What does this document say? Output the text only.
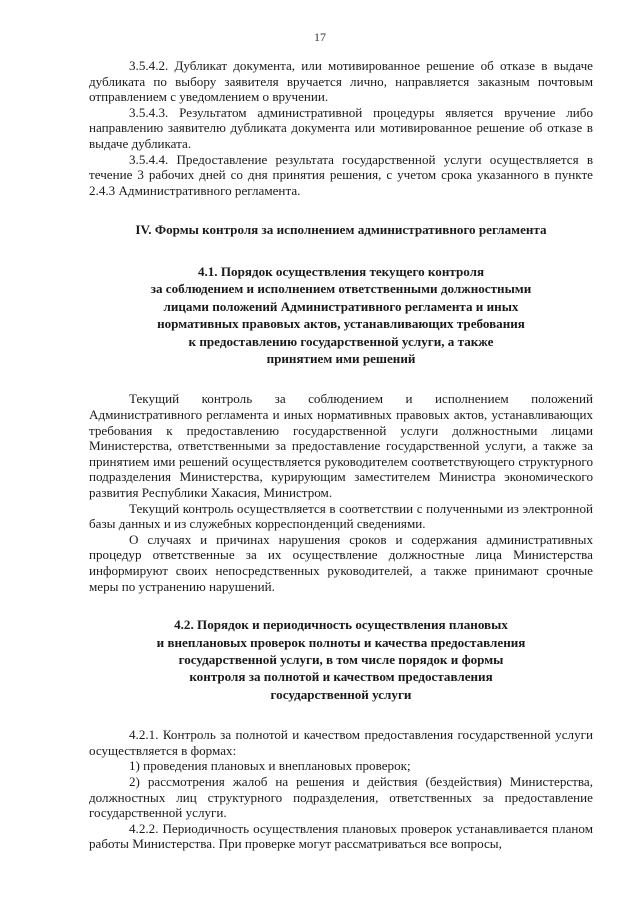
17

3.5.4.2. Дубликат документа, или мотивированное решение об отказе в выдаче дубликата по выбору заявителя вручается лично, направляется заказным почтовым отправлением с уведомлением о вручении.

3.5.4.3. Результатом административной процедуры является вручение либо направлению заявителю дубликата документа или мотивированное решение об отказе в выдаче дубликата.

3.5.4.4. Предоставление результата государственной услуги осуществляется в течение 3 рабочих дней со дня принятия решения, с учетом срока указанного в пункте 2.4.3 Административного регламента.

IV. Формы контроля за исполнением административного регламента
4.1. Порядок осуществления текущего контроля
за соблюдением и исполнением ответственными должностными
лицами положений Административного регламента и иных
нормативных правовых актов, устанавливающих требования
к предоставлению государственной услуги, а также
принятием ими решений

Текущий контроль за соблюдением и исполнением положений Административного регламента и иных нормативных правовых актов, устанавливающих требования к предоставлению государственной услуги должностными лицами Министерства, ответственными за предоставление государственной услуги, а также за принятием ими решений осуществляется руководителем соответствующего структурного подразделения Министерства, курирующим заместителем Министра экономического развития Республики Хакасия, Министром.

Текущий контроль осуществляется в соответствии с полученными из электронной базы данных и из служебных корреспонденций сведениями.

О случаях и причинах нарушения сроков и содержания административных процедур ответственные за их осуществление должностные лица Министерства информируют своих непосредственных руководителей, а также принимают срочные меры по устранению нарушений.

4.2. Порядок и периодичность осуществления плановых
и внеплановых проверок полноты и качества предоставления
государственной услуги, в том числе порядок и формы
контроля за полнотой и качеством предоставления
государственной услуги

4.2.1. Контроль за полнотой и качеством предоставления государственной услуги осуществляется в формах:

1) проведения плановых и внеплановых проверок;

2) рассмотрения жалоб на решения и действия (бездействия) Министерства, должностных лиц структурного подразделения, ответственных за предоставление государственной услуги.

4.2.2. Периодичность осуществления плановых проверок устанавливается планом работы Министерства. При проверке могут рассматриваться все вопросы,
